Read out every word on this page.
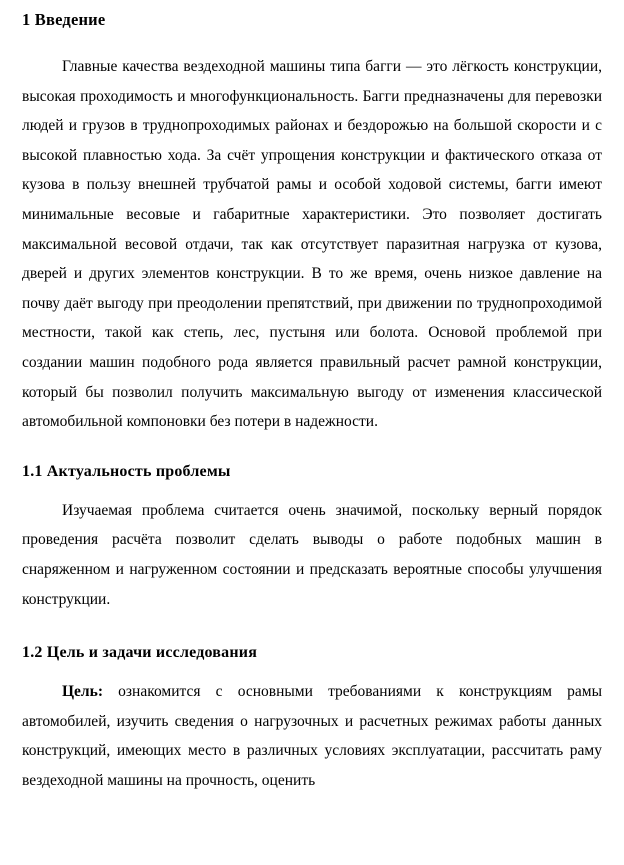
1 Введение

Главные качества вездеходной машины типа багги — это лёгкость конструкции, высокая проходимость и многофункциональность. Багги предназначены для перевозки людей и грузов в труднопроходимых районах и бездорожью на большой скорости и с высокой плавностью хода. За счёт упрощения конструкции и фактического отказа от кузова в пользу внешней трубчатой рамы и особой ходовой системы, багги имеют минимальные весовые и габаритные характеристики. Это позволяет достигать максимальной весовой отдачи, так как отсутствует паразитная нагрузка от кузова, дверей и других элементов конструкции. В то же время, очень низкое давление на почву даёт выгоду при преодолении препятствий, при движении по труднопроходимой местности, такой как степь, лес, пустыня или болота. Основой проблемой при создании машин подобного рода является правильный расчет рамной конструкции, который бы позволил получить максимальную выгоду от изменения классической автомобильной компоновки без потери в надежности.

1.1 Актуальность проблемы

Изучаемая проблема считается очень значимой, поскольку верный порядок проведения расчёта позволит сделать выводы о работе подобных машин в снаряженном и нагруженном состоянии и предсказать вероятные способы улучшения конструкции.

1.2 Цель и задачи исследования

Цель: ознакомится с основными требованиями к конструкциям рамы автомобилей, изучить сведения о нагрузочных и расчетных режимах работы данных конструкций, имеющих место в различных условиях эксплуатации, рассчитать раму вездеходной машины на прочность, оценить
